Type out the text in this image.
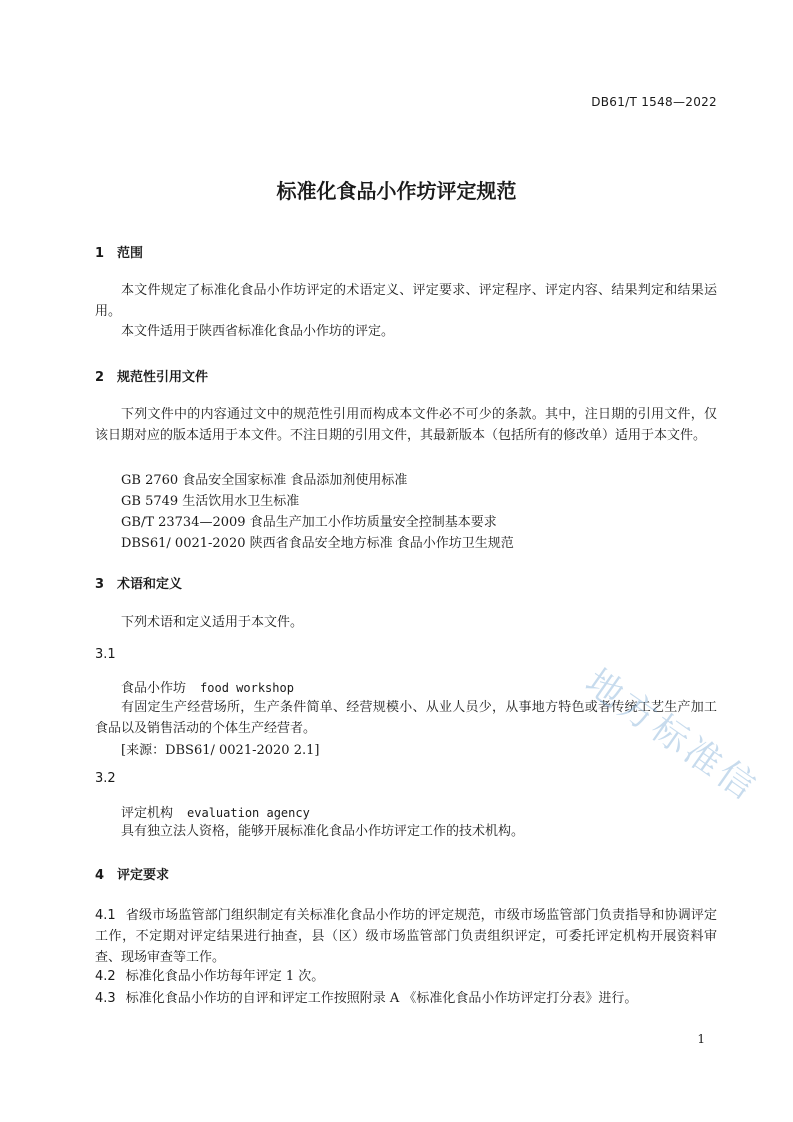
DB61/T 1548—2022
标准化食品小作坊评定规范
1 范围
本文件规定了标准化食品小作坊评定的术语定义、评定要求、评定程序、评定内容、结果判定和结果运用。
本文件适用于陕西省标准化食品小作坊的评定。
2 规范性引用文件
下列文件中的内容通过文中的规范性引用而构成本文件必不可少的条款。其中，注日期的引用文件，仅该日期对应的版本适用于本文件。不注日期的引用文件，其最新版本（包括所有的修改单）适用于本文件。
GB 2760 食品安全国家标准 食品添加剂使用标准
GB 5749 生活饮用水卫生标准
GB/T 23734—2009 食品生产加工小作坊质量安全控制基本要求
DBS61/ 0021-2020 陕西省食品安全地方标准 食品小作坊卫生规范
3 术语和定义
下列术语和定义适用于本文件。
3.1
食品小作坊 food workshop
有固定生产经营场所，生产条件简单、经营规模小、从业人员少，从事地方特色或者传统工艺生产加工食品以及销售活动的个体生产经营者。
[来源：DBS61/ 0021-2020 2.1]
3.2
评定机构 evaluation agency
具有独立法人资格，能够开展标准化食品小作坊评定工作的技术机构。
4 评定要求
4.1 省级市场监管部门组织制定有关标准化食品小作坊的评定规范，市级市场监管部门负责指导和协调评定工作，不定期对评定结果进行抽查，县（区）级市场监管部门负责组织评定，可委托评定机构开展资料审查、现场审查等工作。
4.2 标准化食品小作坊每年评定 1 次。
4.3 标准化食品小作坊的自评和评定工作按照附录 A 《标准化食品小作坊评定打分表》进行。
1
地方标准信
